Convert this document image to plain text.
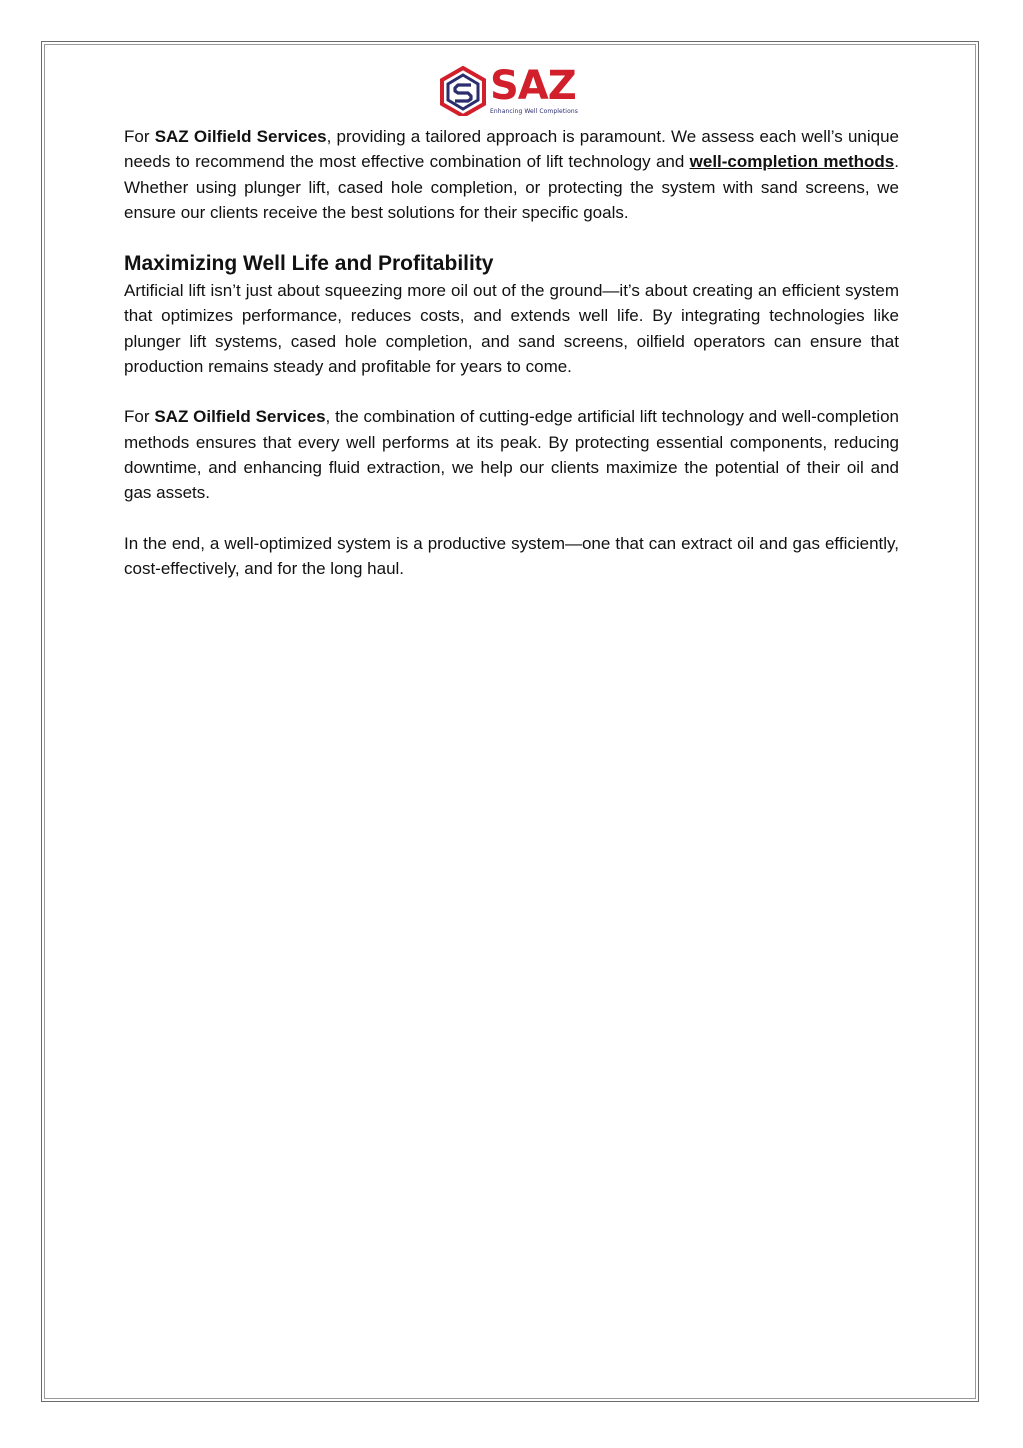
SAZ
Enhancing Well Completions

For SAZ Oilfield Services, providing a tailored approach is paramount. We assess each well’s unique needs to recommend the most effective combination of lift technology and well-completion methods. Whether using plunger lift, cased hole completion, or protecting the system with sand screens, we ensure our clients receive the best solutions for their specific goals.

Maximizing Well Life and Profitability

Artificial lift isn’t just about squeezing more oil out of the ground—it’s about creating an efficient system that optimizes performance, reduces costs, and extends well life. By integrating technologies like plunger lift systems, cased hole completion, and sand screens, oilfield operators can ensure that production remains steady and profitable for years to come.

For SAZ Oilfield Services, the combination of cutting-edge artificial lift technology and well-completion methods ensures that every well performs at its peak. By protecting essential components, reducing downtime, and enhancing fluid extraction, we help our clients maximize the potential of their oil and gas assets.

In the end, a well-optimized system is a productive system—one that can extract oil and gas efficiently, cost-effectively, and for the long haul.
